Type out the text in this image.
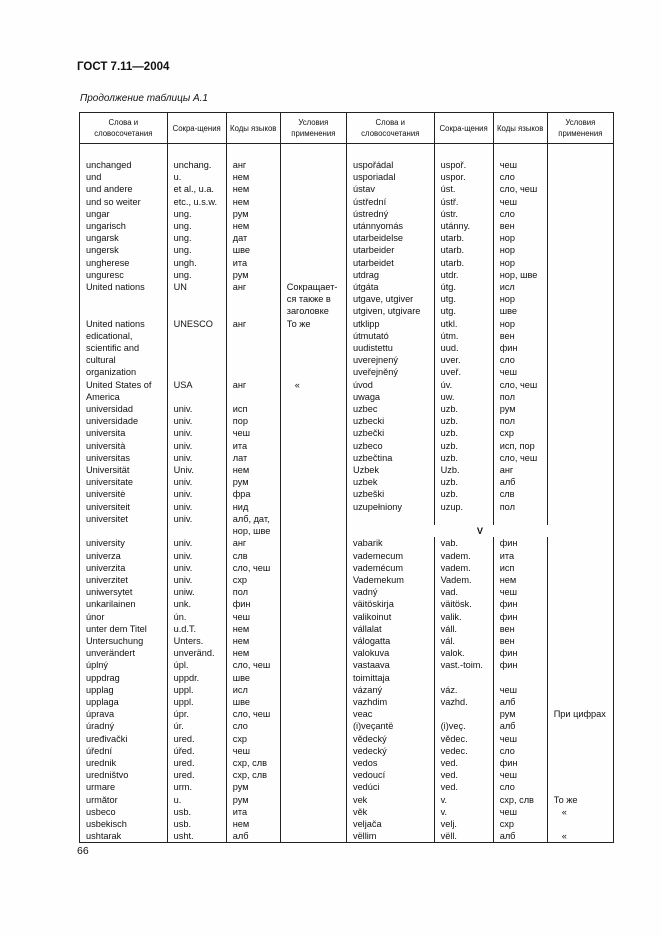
ГОСТ 7.11—2004
Продолжение таблицы А.1
Слова и словосочетания	Сокра-щения	Коды языков	Условия применения	Слова и словосочетания	Сокра-щения	Коды языков	Условия применения

unchanged	unchang.	анг		uspořádal	uspoř.	чеш	
und	u.	нем		usporiadal	uspor.	сло	
und andere	et al., u.a.	нем		ústav	úst.	сло, чеш	
und so weiter	etc., u.s.w.	нем		ústřední	ústř.	чеш	
ungar	ung.	рум		ústredný	ústr.	сло	
ungarisch	ung.	нем		utánnyomás	utánny.	вен	
ungarsk	ung.	дат		utarbeidelse	utarb.	нор	
ungersk	ung.	шве		utarbeider	utarb.	нор	
ungherese	ungh.	ита		utarbeidet	utarb.	нор	
unguresc	ung.	рум		utdrag	utdr.	нор, шве	
United nations	UN	анг	Сокращает-	útgáta	útg.	исл	
			ся также в	utgave, utgiver	utg.	нор	
			заголовке	utgiven, utgivare	utg.	шве	
United nations	UNESCO	анг	То же	utklipp	utkl.	нор	
edicational,				útmutató	útm.	вен	
scientific and				uudistettu	uud.	фин	
cultural				uverejnený	uver.	сло	
organization				uveřejněný	uveř.	чеш	
United States of	USA	анг	«	úvod	úv.	сло, чеш	
America				uwaga	uw.	пол	
universidad	univ.	исп		uzbec	uzb.	рум	
universidade	univ.	пор		uzbecki	uzb.	пол	
universita	univ.	чеш		uzbečki	uzb.	схр	
università	univ.	ита		uzbeco	uzb.	исп, пор	
universitas	univ.	лат		uzbečtina	uzb.	сло, чеш	
Universität	Univ.	нем		Uzbek	Uzb.	анг	
universitate	univ.	рум		uzbek	uzb.	алб	
universitė	univ.	фра		uzbeški	uzb.	слв	
universiteit	univ.	нид		uzupełniony	uzup.	пол	
universitet	univ.	алб, дат,					
		нор, шве		V			
university	univ.	анг		vabarik	vab.	фин	
univerza	univ.	слв		vademecum	vadem.	ита	
univerzita	univ.	сло, чеш		vademécum	vadem.	исп	
univerzitet	univ.	схр		Vademekum	Vadem.	нем	
uniwersytet	uniw.	пол		vadný	vad.	чеш	
unkarilainen	unk.	фин		väitöskirja	väitösk.	фин	
únor	ún.	чеш		valikoinut	valik.	фин	
unter dem Titel	u.d.T.	нем		vállalat	váll.	вен	
Untersuchung	Unters.	нем		válogatta	vál.	вен	
unverändert	unveränd.	нем		valokuva	valok.	фин	
úplný	úpl.	сло, чеш		vastaava	vast.-toim.	фин	
uppdrag	uppdr.	шве		toimittaja			
upplag	uppl.	исл		vázaný	váz.	чеш	
upplaga	uppl.	шве		vazhdim	vazhd.	алб	
úprava	úpr.	сло, чеш		veac		рум	При цифрах
úradný	úr.	сло		(i)veçantë	(i)veç.	алб	
uređivački	ured.	схр		vědecký	vědec.	чеш	
úřední	úřed.	чеш		vedecký	vedec.	сло	
urednik	ured.	схр, слв		vedos	ved.	фин	
uredništvo	ured.	схр, слв		vedoucí	ved.	чеш	
urmare	urm.	рум		vedúci	ved.	сло	
următor	u.	рум		vek	v.	схр, слв	То же
usbeco	usb.	ита		věk	v.	чеш	«
usbekisch	usb.	нем		veljača	velj.	схр	
ushtarak	usht.	алб		vëllim	vëll.	алб	«
66
